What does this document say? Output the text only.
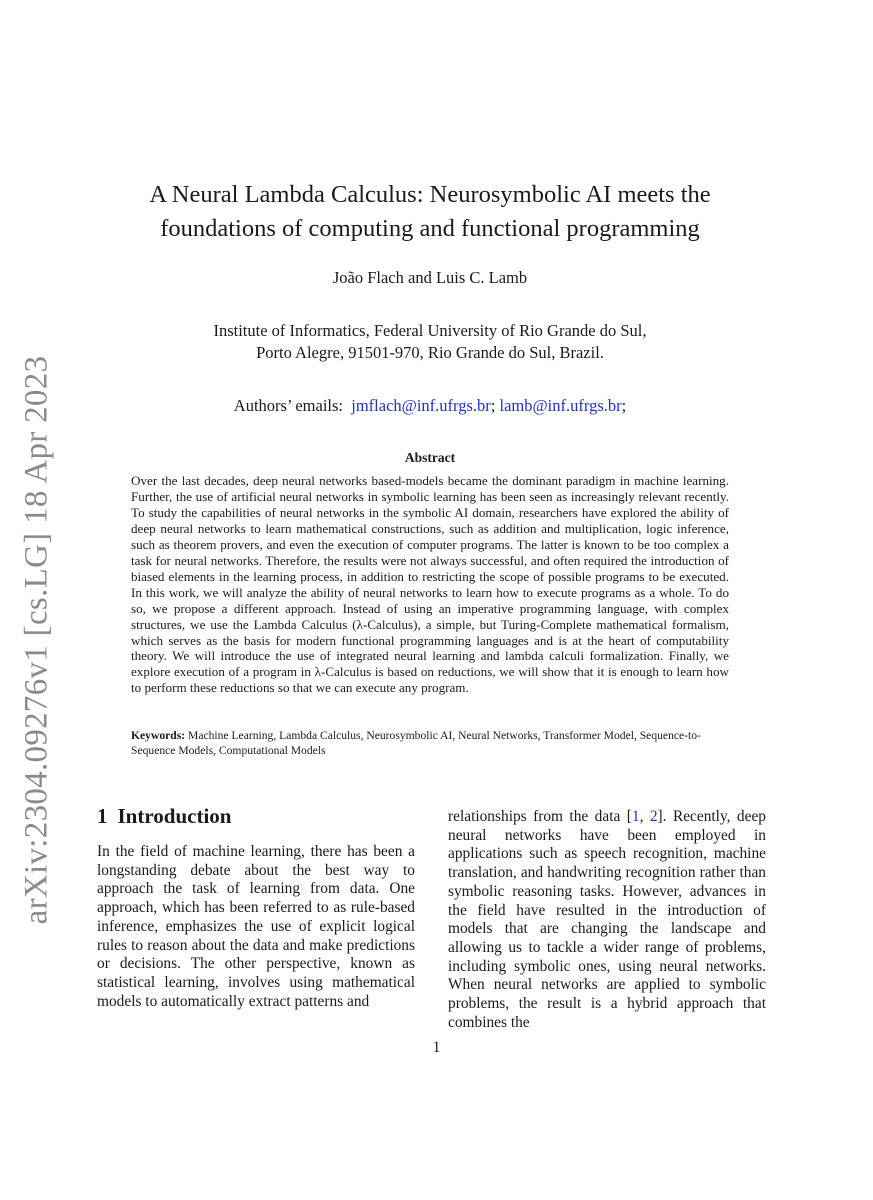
arXiv:2304.09276v1 [cs.LG] 18 Apr 2023
A Neural Lambda Calculus: Neurosymbolic AI meets the foundations of computing and functional programming
João Flach and Luis C. Lamb
Institute of Informatics, Federal University of Rio Grande do Sul,
Porto Alegre, 91501-970, Rio Grande do Sul, Brazil.
Authors’ emails: jmflach@inf.ufrgs.br; lamb@inf.ufrgs.br;
Abstract
Over the last decades, deep neural networks based-models became the dominant paradigm in machine learning. Further, the use of artificial neural networks in symbolic learning has been seen as increasingly relevant recently. To study the capabilities of neural networks in the symbolic AI domain, researchers have explored the ability of deep neural networks to learn mathematical constructions, such as addition and multiplication, logic inference, such as theorem provers, and even the execution of computer programs. The latter is known to be too complex a task for neural networks. Therefore, the results were not always successful, and often required the introduction of biased elements in the learning process, in addition to restricting the scope of possible programs to be executed. In this work, we will analyze the ability of neural networks to learn how to execute programs as a whole. To do so, we propose a different approach. Instead of using an imperative programming language, with complex structures, we use the Lambda Calculus (λ-Calculus), a simple, but Turing-Complete mathematical formalism, which serves as the basis for modern functional programming languages and is at the heart of computability theory. We will introduce the use of integrated neural learning and lambda calculi formalization. Finally, we explore execution of a program in λ-Calculus is based on reductions, we will show that it is enough to learn how to perform these reductions so that we can execute any program.
Keywords: Machine Learning, Lambda Calculus, Neurosymbolic AI, Neural Networks, Transformer Model, Sequence-to-Sequence Models, Computational Models
1 Introduction

In the field of machine learning, there has been a longstanding debate about the best way to approach the task of learning from data. One approach, which has been referred to as rule-based inference, emphasizes the use of explicit logical rules to reason about the data and make predictions or decisions. The other perspective, known as statistical learning, involves using mathematical models to automatically extract patterns and

relationships from the data [1, 2]. Recently, deep neural networks have been employed in applications such as speech recognition, machine translation, and handwriting recognition rather than symbolic reasoning tasks. However, advances in the field have resulted in the introduction of models that are changing the landscape and allowing us to tackle a wider range of problems, including symbolic ones, using neural networks. When neural networks are applied to symbolic problems, the result is a hybrid approach that combines the

1
